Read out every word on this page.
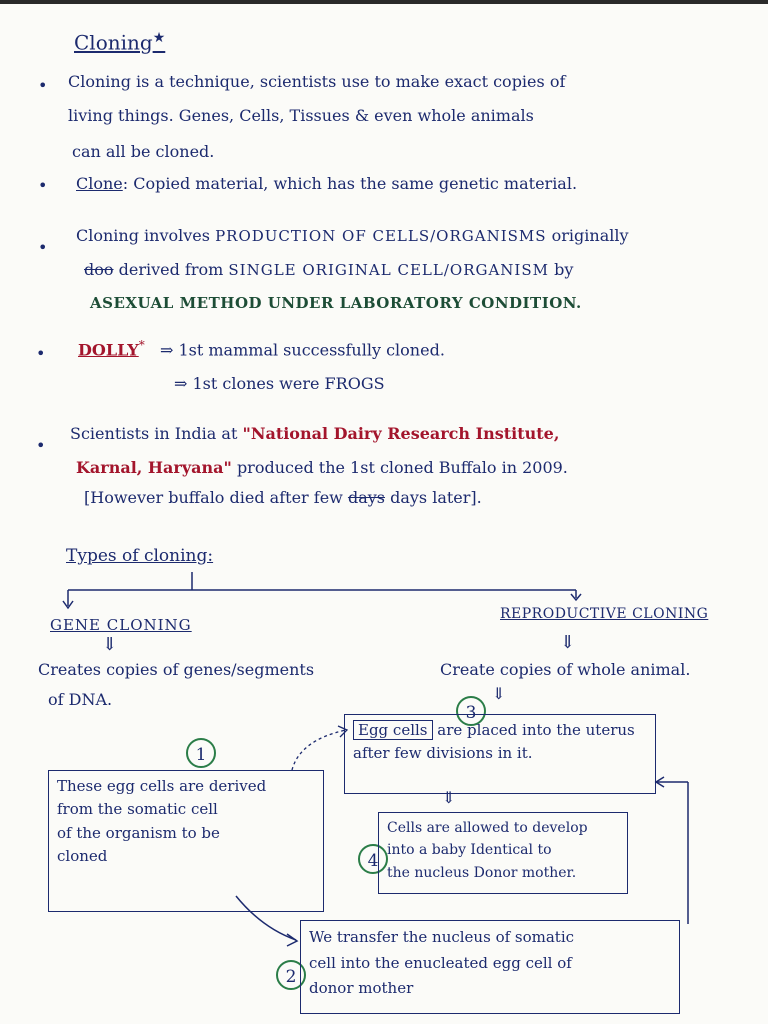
Cloning★
• Cloning is a technique, scientists use to make exact copies of
living things. Genes, Cells, Tissues & even whole animals
can all be cloned.
• Clone: Copied material, which has the same genetic material.
•
Cloning involves PRODUCTION OF CELLS/ORGANISMS originally
doo derived from SINGLE ORIGINAL CELL/ORGANISM by
ASEXUAL METHOD UNDER LABORATORY CONDITION.
• DOLLY* ⇒ 1st mammal successfully cloned.
⇒ 1st clones were FROGS
•
Scientists in India at "National Dairy Research Institute,
Karnal, Haryana" produced the 1st cloned Buffalo in 2009.
[However buffalo died after few days days later].
Types of cloning:
GENE CLONING
⇓
Creates copies of genes/segments
of DNA.
REPRODUCTIVE CLONING
⇓
Create copies of whole animal.
⇓
3
Egg cells are placed into the uterus
after few divisions in it.
⇓
1
These egg cells are derived
from the somatic cell
of the organism to be
cloned	4
Cells are allowed to develop
into a baby Identical to
the nucleus Donor mother.
2
We transfer the nucleus of somatic
cell into the enucleated egg cell of
donor mother
